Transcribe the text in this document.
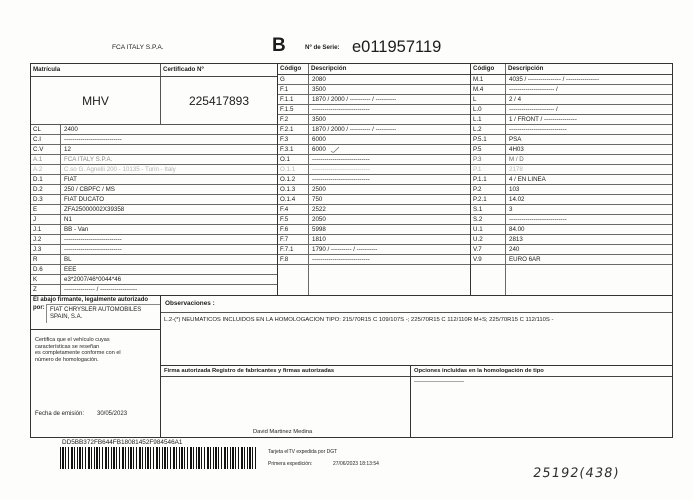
FCA ITALY S.P.A.	B	Nº de Serie: e011957119
Matrícula	Certificado Nº
MHV	225417893
CL	2400
C.I	----------------------------
C.V	12
A.1	FCA ITALY S.P.A.
A.2	C.so G. Agnelli 200 - 10135 - Turin - Italy
D.1	FIAT
D.2	250 / CBPFC / MS
D.3	FIAT DUCATO
E	ZFA25000002X39358
J	N1
J.1	BB - Van
J.2	----------------------------
J.3	----------------------------
R	BL
D.6	EEE
K	e3*2007/46*0044*46
Z	--------------- / ------------------
Código	Descripción
G	2080
F.1	3500
F.1.1	1870 / 2000 / ---------- / ----------
F.1.5	----------------------------
F.2	3500
F.2.1	1870 / 2000 / ---------- / ----------
F.3	6000
F.3.1	6000
O.1	----------------------------
O.1.1	----------------------------
O.1.2	----------------------------
O.1.3	2500
O.1.4	750
F.4	2522
F.5	2050
F.6	5998
F.7	1810
F.7.1	1790 / ---------- / ----------
F.8	----------------------------
Código	Descripción
M.1	4035 / ---------------- / ----------------
M.4	---------------------- /
L	2 / 4
L.0	---------------------- /
L.1	1 / FRONT / ----------------
L.2	----------------------------
P.5.1	PSA
P.5	4H03
P.3	M / D
P.1	2178
P.1.1	4 / EN LINEA
P.2	103
P.2.1	14.02
S.1	3
S.2	----------------------------
U.1	84.00
U.2	2813
V.7	240
V.9	EURO 6AR
El abajo firmante, legalmente autorizado
por: FIAT CHRYSLER AUTOMOBILES
SPAIN, S.A.
Certifica que el vehículo cuyas
características se reseñan
es completamente conforme con el
número de homologación.
Fecha de emisión: 30/05/2023
Observaciones :
L.2-(*) NEUMATICOS INCLUIDOS EN LA HOMOLOGACION TIPO: 215/70R15 C 109/107S -; 225/70R15 C 112/110R M+S; 225/70R15 C 112/110S -
Firma autorizada Registro de fabricantes y firmas autorizadas
David Martinez Medina
Opciones incluidas en la homologación de tipo
-------------------------
DD5BB372FB644FB18081452F984546A1
Tarjeta eITV expedida por DGT
Primera expedición:	27/06/2023 18:13:54
25192(438)
